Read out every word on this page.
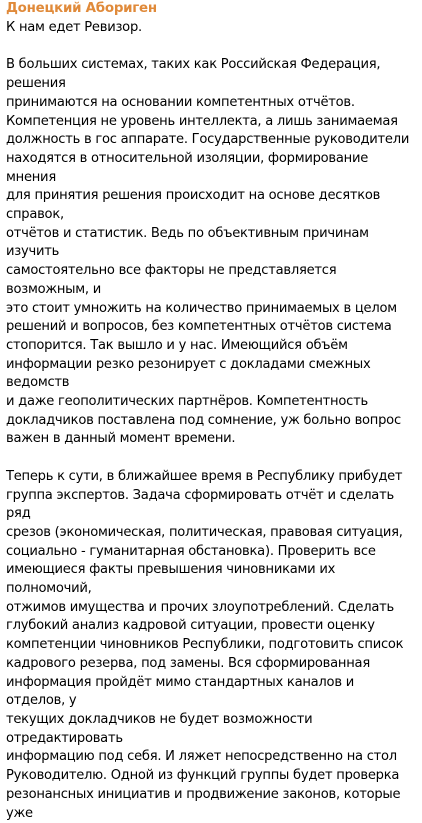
Донецкий Абориген

К нам едет Ревизор.

В больших системах, таких как Российская Федерация, решения
принимаются на основании компетентных отчётов.
Компетенция не уровень интеллекта, а лишь занимаемая
должность в гос аппарате. Государственные руководители
находятся в относительной изоляции, формирование мнения
для принятия решения происходит на основе десятков справок,
отчётов и статистик. Ведь по объективным причинам изучить
самостоятельно все факторы не представляется возможным, и
это стоит умножить на количество принимаемых в целом
решений и вопросов, без компетентных отчётов система
стопорится. Так вышло и у нас. Имеющийся объём
информации резко резонирует с докладами смежных ведомств
и даже геополитических партнёров. Компетентность
докладчиков поставлена под сомнение, уж больно вопрос
важен в данный момент времени.

Теперь к сути, в ближайшее время в Республику прибудет
группа экспертов. Задача сформировать отчёт и сделать ряд
срезов (экономическая, политическая, правовая ситуация,
социально - гуманитарная обстановка). Проверить все
имеющиеся факты превышения чиновниками их полномочий,
отжимов имущества и прочих злоупотреблений. Сделать
глубокий анализ кадровой ситуации, провести оценку
компетенции чиновников Республики, подготовить список
кадрового резерва, под замены. Вся сформированная
информация пройдёт мимо стандартных каналов и отделов, у
текущих докладчиков не будет возможности отредактировать
информацию под себя. И ляжет непосредственно на стол
Руководителю. Одной из функций группы будет проверка
резонансных инициатив и продвижение законов, которые уже
